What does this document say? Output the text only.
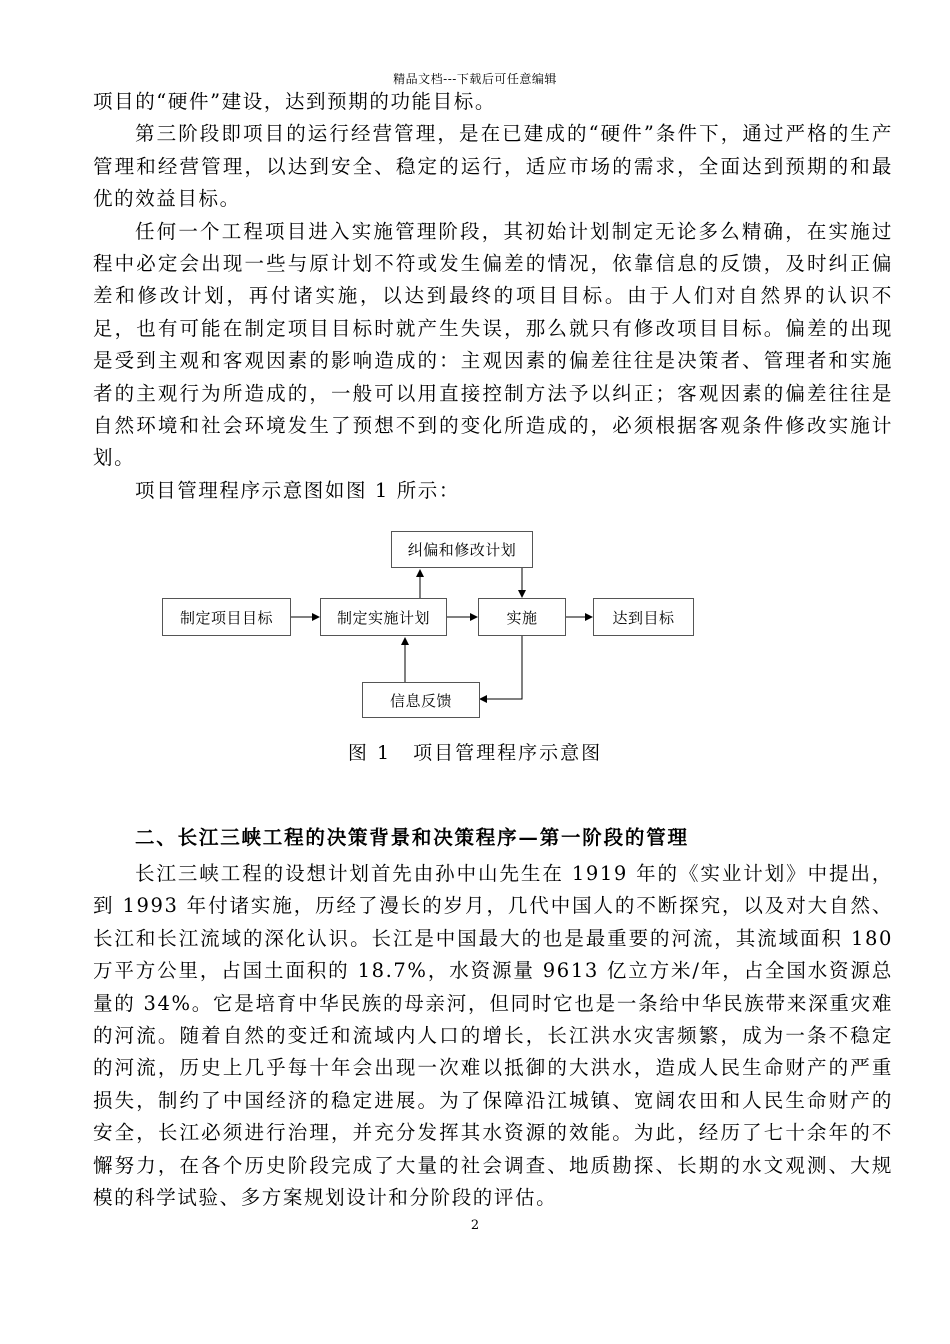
精品文档---下载后可任意编辑

项目的“硬件”建设，达到预期的功能目标。

第三阶段即项目的运行经营管理，是在已建成的“硬件”条件下，通过严格的生产管理和经营管理，以达到安全、稳定的运行，适应市场的需求，全面达到预期的和最优的效益目标。

任何一个工程项目进入实施管理阶段，其初始计划制定无论多么精确，在实施过程中必定会出现一些与原计划不符或发生偏差的情况，依靠信息的反馈，及时纠正偏差和修改计划，再付诸实施，以达到最终的项目目标。由于人们对自然界的认识不足，也有可能在制定项目目标时就产生失误，那么就只有修改项目目标。偏差的出现是受到主观和客观因素的影响造成的：主观因素的偏差往往是决策者、管理者和实施者的主观行为所造成的，一般可以用直接控制方法予以纠正；客观因素的偏差往往是自然环境和社会环境发生了预想不到的变化所造成的，必须根据客观条件修改实施计划。

项目管理程序示意图如图 1 所示：

制定项目目标	制定实施计划	实施	达到目标
纠偏和修改计划
信息反馈
图 1 项目管理程序示意图
二、长江三峡工程的决策背景和决策程序—第一阶段的管理

长江三峡工程的设想计划首先由孙中山先生在 1919 年的《实业计划》中提出，到 1993 年付诸实施，历经了漫长的岁月，几代中国人的不断探究，以及对大自然、长江和长江流域的深化认识。长江是中国最大的也是最重要的河流，其流域面积 180 万平方公里，占国土面积的 18.7%，水资源量 9613 亿立方米/年，占全国水资源总量的 34%。它是培育中华民族的母亲河，但同时它也是一条给中华民族带来深重灾难的河流。随着自然的变迁和流域内人口的增长，长江洪水灾害频繁，成为一条不稳定的河流，历史上几乎每十年会出现一次难以抵御的大洪水，造成人民生命财产的严重损失，制约了中国经济的稳定进展。为了保障沿江城镇、宽阔农田和人民生命财产的安全，长江必须进行治理，并充分发挥其水资源的效能。为此，经历了七十余年的不懈努力，在各个历史阶段完成了大量的社会调查、地质勘探、长期的水文观测、大规模的科学试验、多方案规划设计和分阶段的评估。

2
